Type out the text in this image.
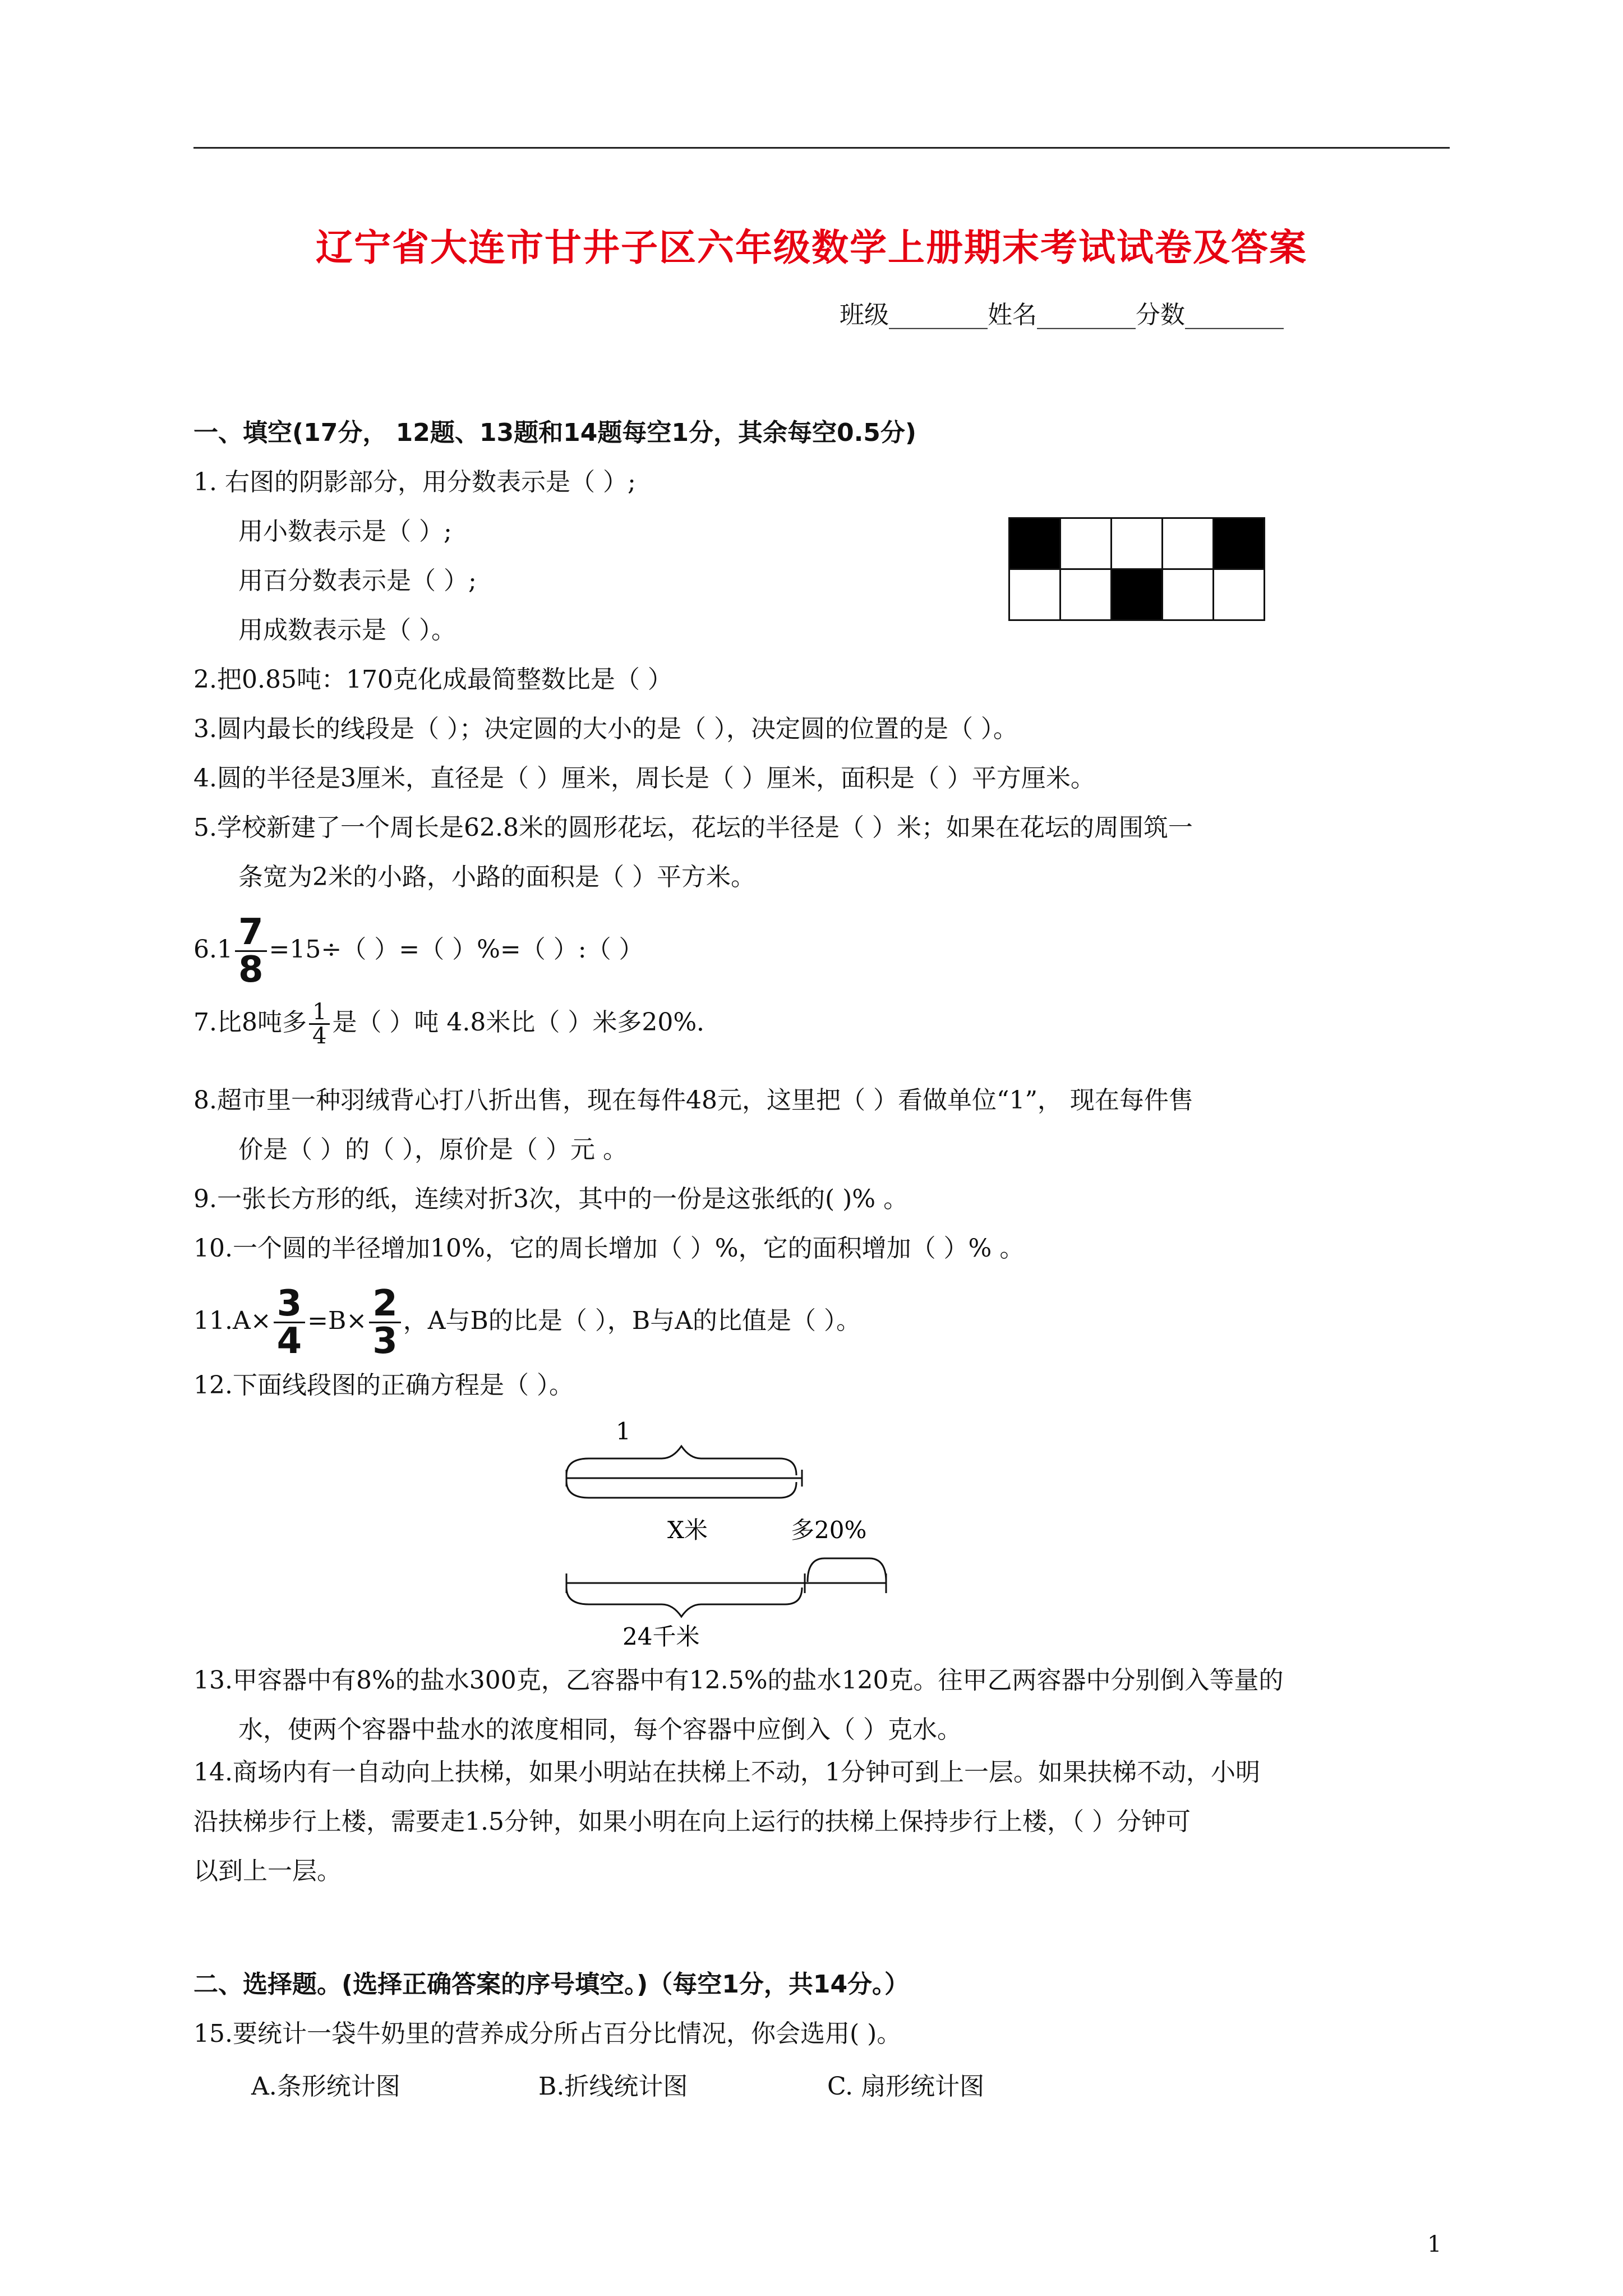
辽宁省大连市甘井子区六年级数学上册期末考试试卷及答案
班级________姓名________分数________
一、填空(17分， 12题、13题和14题每空1分，其余每空0.5分)
1. 右图的阴影部分，用分数表示是（ ）;
用小数表示是（ ）;
用百分数表示是（ ）;
用成数表示是（ ）。

2.把0.85吨：170克化成最简整数比是（ ）
3.圆内最长的线段是（ ）；决定圆的大小的是（ ），决定圆的位置的是（ ）。
4.圆的半径是3厘米，直径是（ ）厘米，周长是（ ）厘米，面积是（ ）平方厘米。
5.学校新建了一个周长是62.8米的圆形花坛，花坛的半径是（ ）米；如果在花坛的周围筑一
条宽为2米的小路，小路的面积是（ ）平方米。
$6.1 \frac{7}{8} =15\div$（ ）=（ ）%=（ ）:（ ）
7.比8吨多 $\frac{1}{4}$ 是（ ）吨 4.8米比（ ）米多20%．
8.超市里一种羽绒背心打八折出售，现在每件48元，这里把（ ）看做单位“1”， 现在每件售
价是（ ）的（ ），原价是（ ）元 。
9.一张长方形的纸，连续对折3次，其中的一份是这张纸的( )% 。
10.一个圆的半径增加10%，它的周长增加（ ）%，它的面积增加（ ）% 。
$11.A\times \frac{3}{4} =B\times \frac{2}{3}$ ，A与B的比是（ ），B与A的比值是（ ）。
12.下面线段图的正确方程是（ ）。
1
X米	多20%
24千米
13.甲容器中有8%的盐水300克，乙容器中有12.5%的盐水120克。往甲乙两容器中分别倒入等量的
水，使两个容器中盐水的浓度相同，每个容器中应倒入（ ）克水。
14.商场内有一自动向上扶梯，如果小明站在扶梯上不动，1分钟可到上一层。如果扶梯不动，小明
沿扶梯步行上楼，需要走1.5分钟，如果小明在向上运行的扶梯上保持步行上楼，（ ）分钟可
以到上一层。
二、选择题。(选择正确答案的序号填空。)（每空1分，共14分。）
15.要统计一袋牛奶里的营养成分所占百分比情况，你会选用( )。
A.条形统计图	B.折线统计图	C. 扇形统计图
1
